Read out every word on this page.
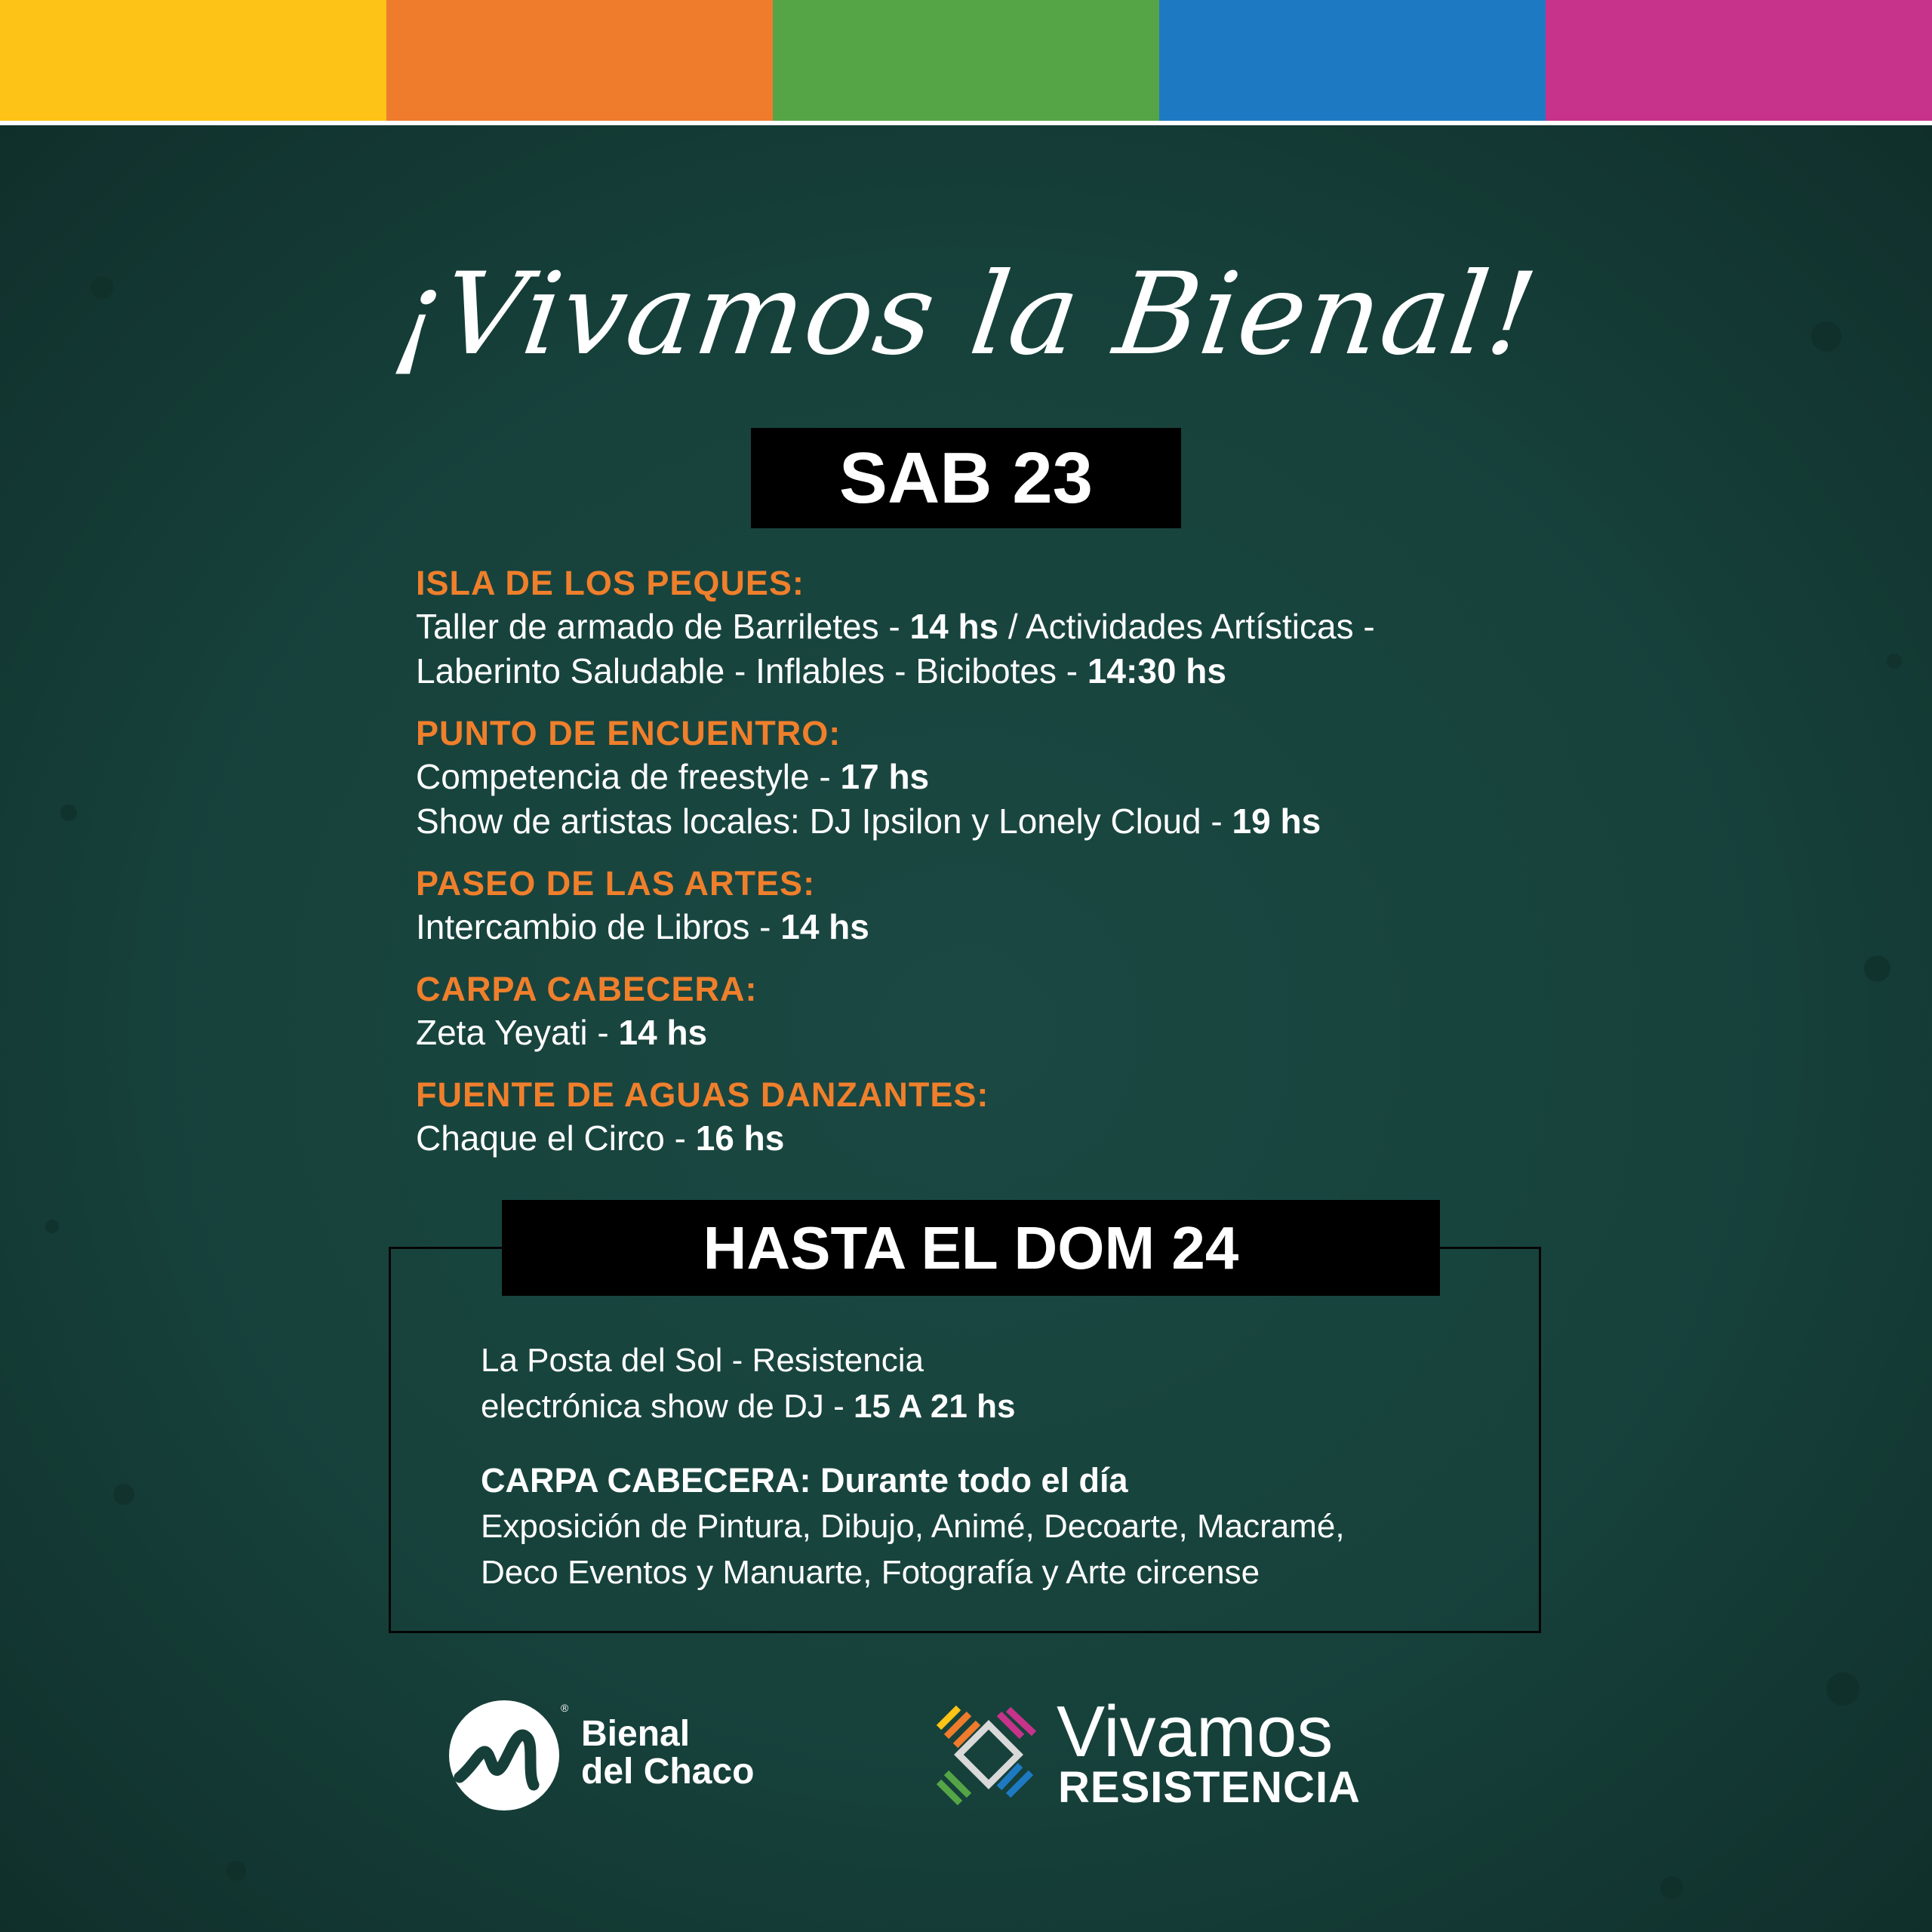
¡Vivamos la Bienal!
SAB 23
ISLA DE LOS PEQUES:
Taller de armado de Barriletes - 14 hs / Actividades Artísticas -
Laberinto Saludable - Inflables - Bicibotes - 14:30 hs
PUNTO DE ENCUENTRO:
Competencia de freestyle - 17 hs
Show de artistas locales: DJ Ipsilon y Lonely Cloud - 19 hs
PASEO DE LAS ARTES:
Intercambio de Libros - 14 hs
CARPA CABECERA:
Zeta Yeyati - 14 hs
FUENTE DE AGUAS DANZANTES:
Chaque el Circo - 16 hs
HASTA EL DOM 24
La Posta del Sol - Resistencia
electrónica show de DJ - 15 A 21 hs
CARPA CABECERA: Durante todo el día
Exposición de Pintura, Dibujo, Animé, Decoarte, Macramé,
Deco Eventos y Manuarte, Fotografía y Arte circense
®
Bienal
del Chaco	Vivamos
RESISTENCIA
